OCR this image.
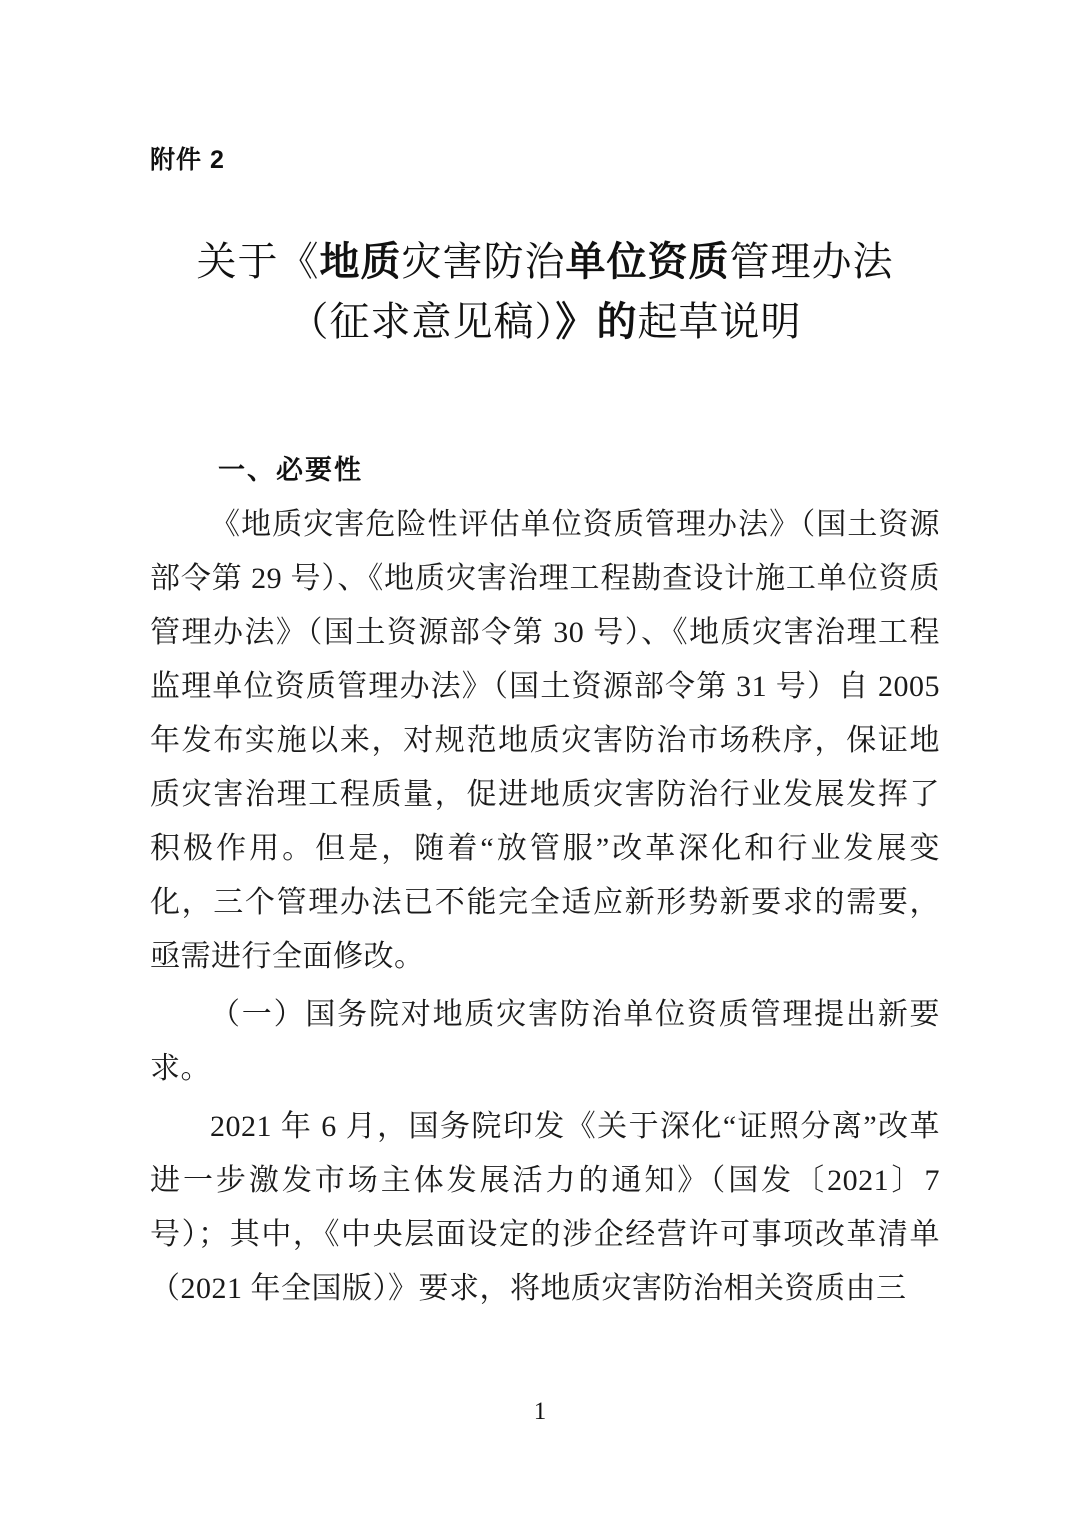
附件 2
关于《地质灾害防治单位资质管理办法
（征求意见稿）》的起草说明
一、必要性

《地质灾害危险性评估单位资质管理办法》（国土资源部令第 29 号）、《地质灾害治理工程勘查设计施工单位资质管理办法》（国土资源部令第 30 号）、《地质灾害治理工程监理单位资质管理办法》（国土资源部令第 31 号）自 2005 年发布实施以来，对规范地质灾害防治市场秩序，保证地质灾害治理工程质量，促进地质灾害防治行业发展发挥了积极作用。但是，随着“放管服”改革深化和行业发展变化，三个管理办法已不能完全适应新形势新要求的需要，亟需进行全面修改。

（一）国务院对地质灾害防治单位资质管理提出新要求。

2021 年 6 月，国务院印发《关于深化“证照分离”改革进一步激发市场主体发展活力的通知》（国发〔2021〕7 号）；其中，《中央层面设定的涉企经营许可事项改革清单（2021 年全国版）》要求，将地质灾害防治相关资质由三

1
